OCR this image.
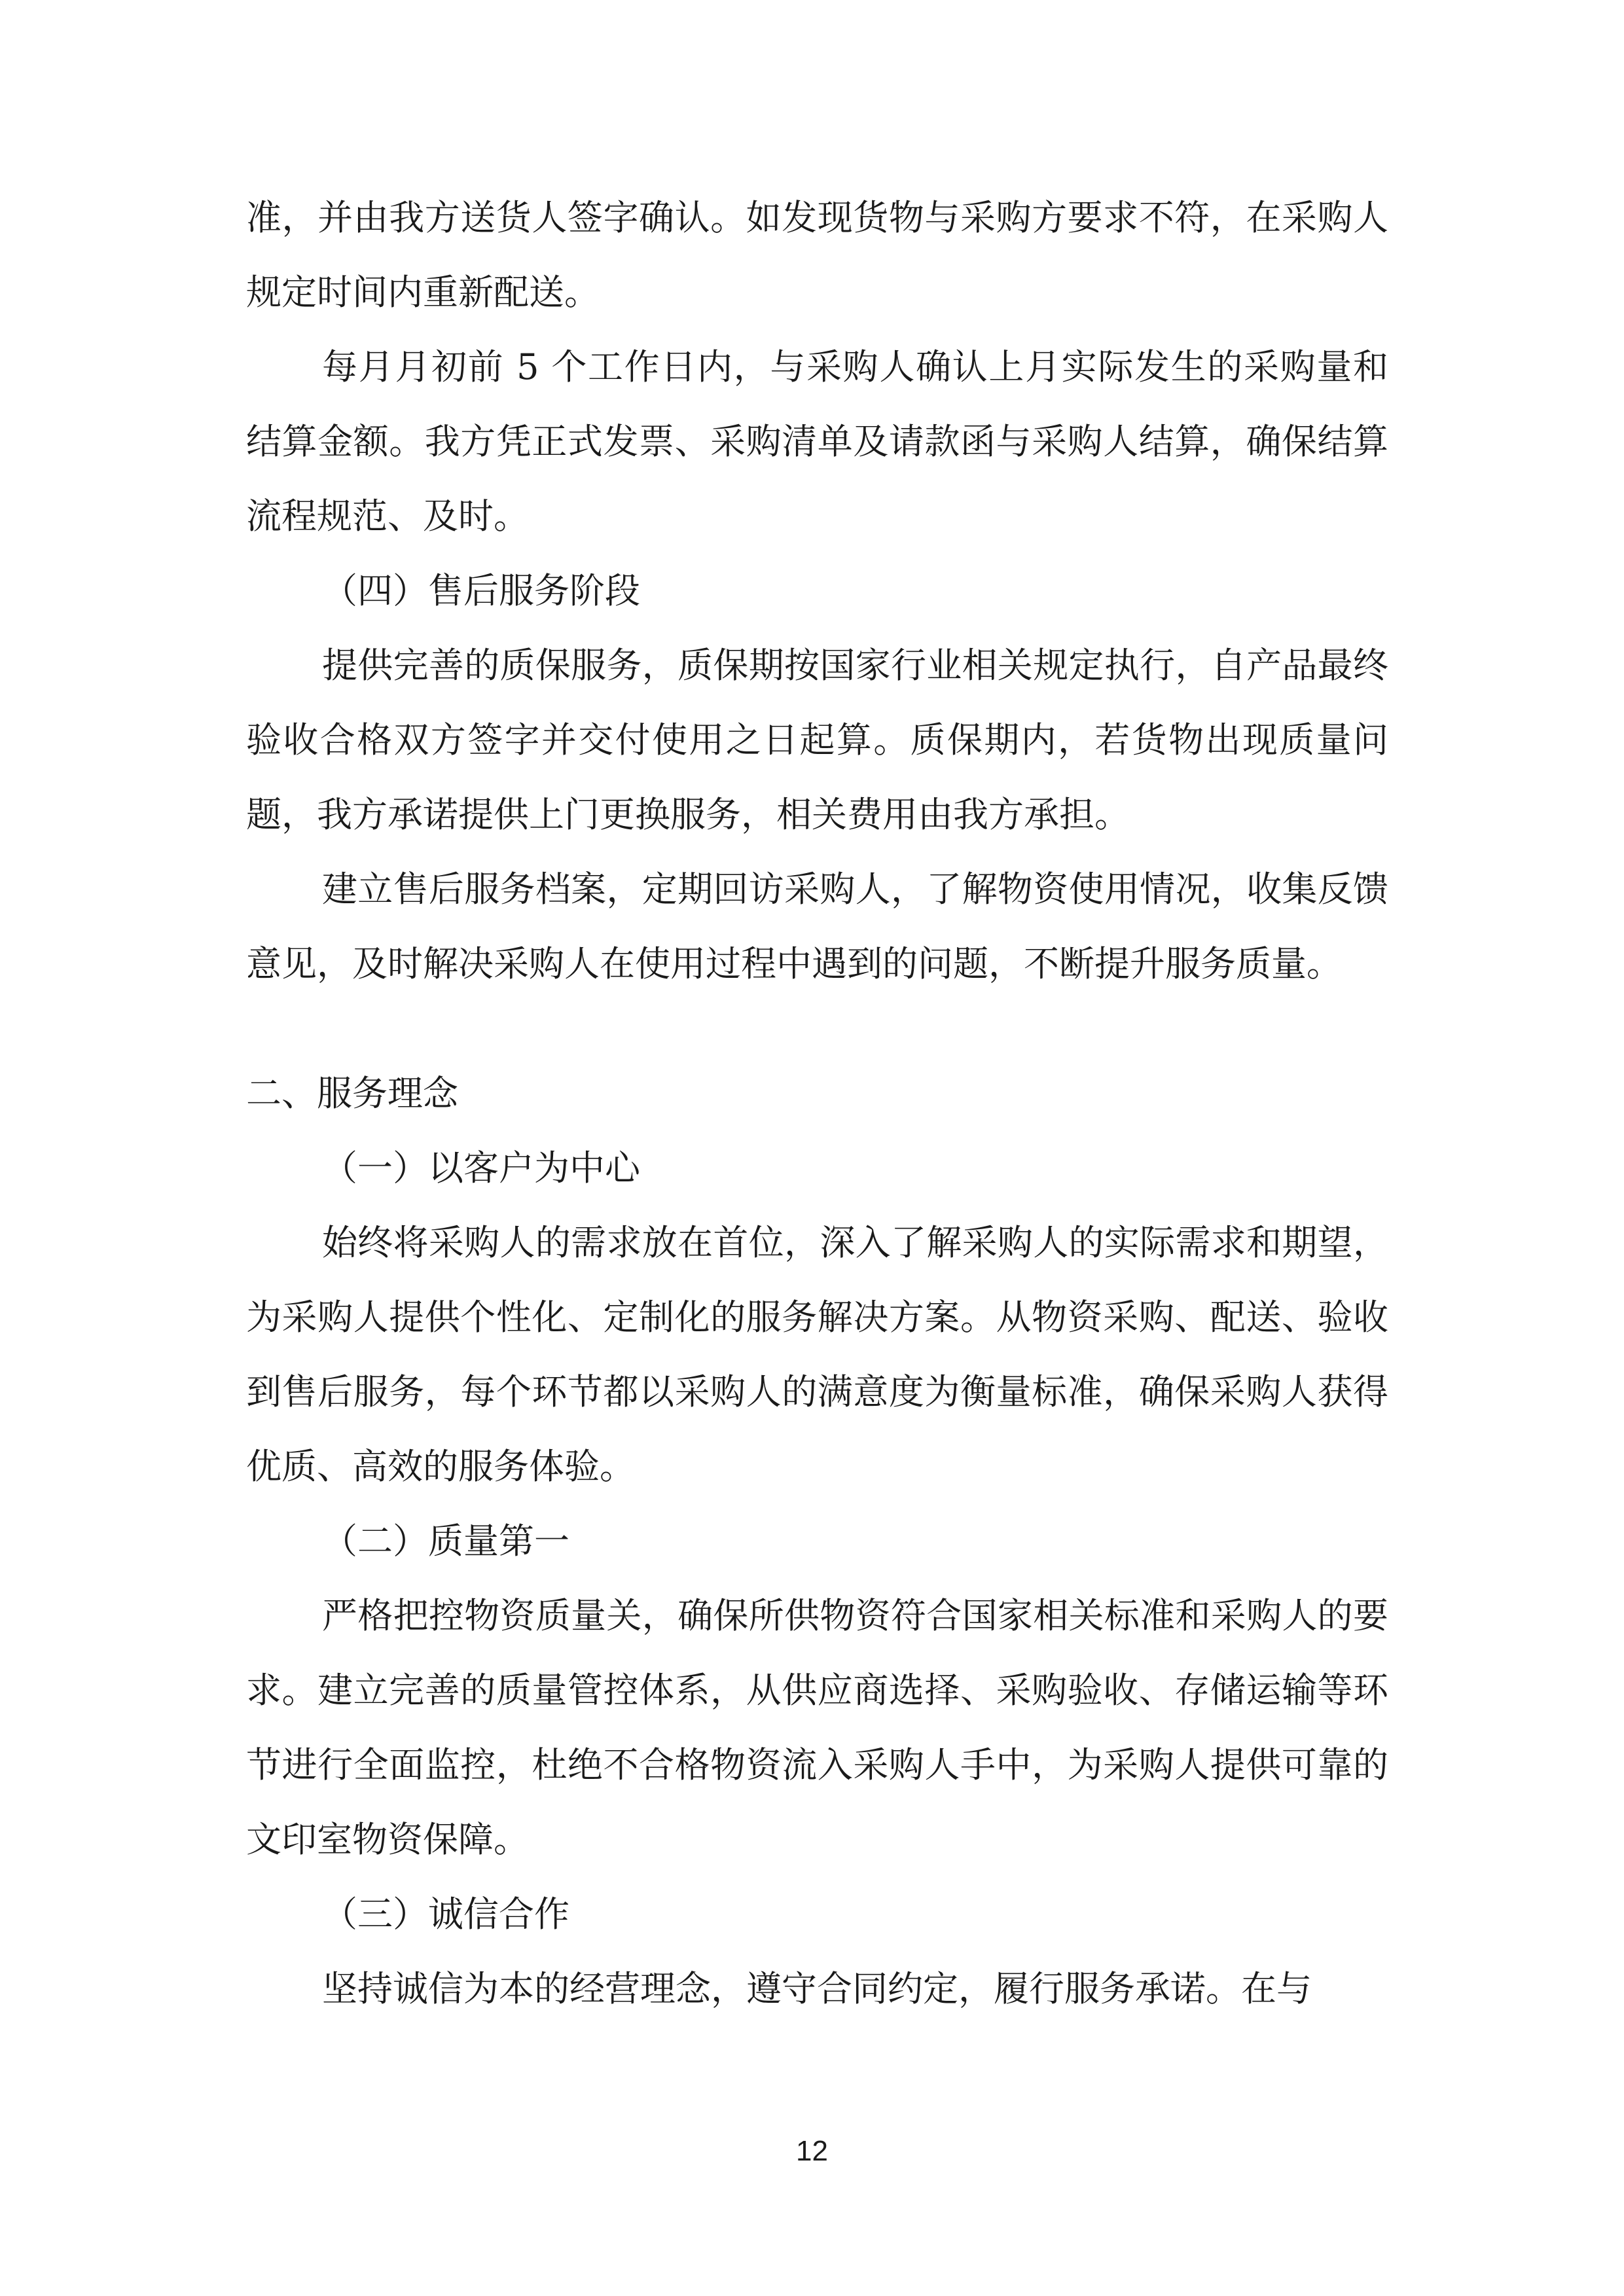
准，并由我方送货人签字确认。如发现货物与采购方要求不符，在采购人规定时间内重新配送。

每月月初前 5 个工作日内，与采购人确认上月实际发生的采购量和结算金额。我方凭正式发票、采购清单及请款函与采购人结算，确保结算流程规范、及时。

（四）售后服务阶段

提供完善的质保服务，质保期按国家行业相关规定执行，自产品最终验收合格双方签字并交付使用之日起算。质保期内，若货物出现质量问题，我方承诺提供上门更换服务，相关费用由我方承担。

建立售后服务档案，定期回访采购人，了解物资使用情况，收集反馈意见，及时解决采购人在使用过程中遇到的问题，不断提升服务质量。

二、服务理念

（一）以客户为中心

始终将采购人的需求放在首位，深入了解采购人的实际需求和期望，为采购人提供个性化、定制化的服务解决方案。从物资采购、配送、验收到售后服务，每个环节都以采购人的满意度为衡量标准，确保采购人获得优质、高效的服务体验。

（二）质量第一

严格把控物资质量关，确保所供物资符合国家相关标准和采购人的要求。建立完善的质量管控体系，从供应商选择、采购验收、存储运输等环节进行全面监控，杜绝不合格物资流入采购人手中，为采购人提供可靠的文印室物资保障。

（三）诚信合作

坚持诚信为本的经营理念，遵守合同约定，履行服务承诺。在与

12
